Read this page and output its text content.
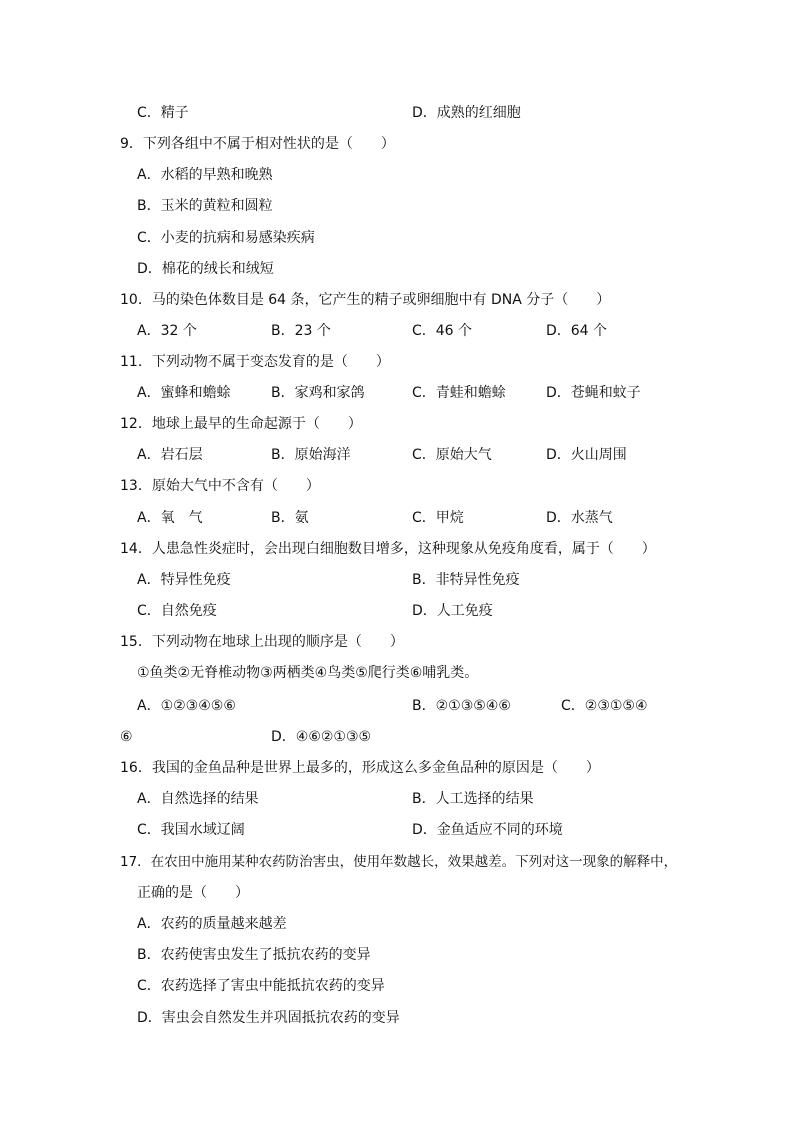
C．精子	D．成熟的红细胞
9．下列各组中不属于相对性状的是（　　）
A．水稻的早熟和晚熟
B．玉米的黄粒和圆粒
C．小麦的抗病和易感染疾病
D．棉花的绒长和绒短
10．马的染色体数目是 64 条，它产生的精子或卵细胞中有 DNA 分子（　　）
A．32 个	B．23 个	C．46 个	D．64 个
11．下列动物不属于变态发育的是（　　）
A．蜜蜂和蟾蜍	B．家鸡和家鸽	C．青蛙和蟾蜍	D．苍蝇和蚊子
12．地球上最早的生命起源于（　　）
A．岩石层	B．原始海洋	C．原始大气	D．火山周围
13．原始大气中不含有（　　）
A．氧　气	B．氨	C．甲烷	D．水蒸气
14．人患急性炎症时，会出现白细胞数目增多，这种现象从免疫角度看，属于（　　）
A．特异性免疫	B．非特异性免疫
C．自然免疫	D．人工免疫
15．下列动物在地球上出现的顺序是（　　）
①鱼类②无脊椎动物③两栖类④鸟类⑤爬行类⑥哺乳类。
A．①②③④⑤⑥	B．②①③⑤④⑥	C．②③①⑤④
⑥	D．④⑥②①③⑤
16．我国的金鱼品种是世界上最多的，形成这么多金鱼品种的原因是（　　）
A．自然选择的结果	B．人工选择的结果
C．我国水域辽阔	D．金鱼适应不同的环境
17．在农田中施用某种农药防治害虫，使用年数越长，效果越差。下列对这一现象的解释中，
正确的是（　　）
A．农药的质量越来越差
B．农药使害虫发生了抵抗农药的变异
C．农药选择了害虫中能抵抗农药的变异
D．害虫会自然发生并巩固抵抗农药的变异
